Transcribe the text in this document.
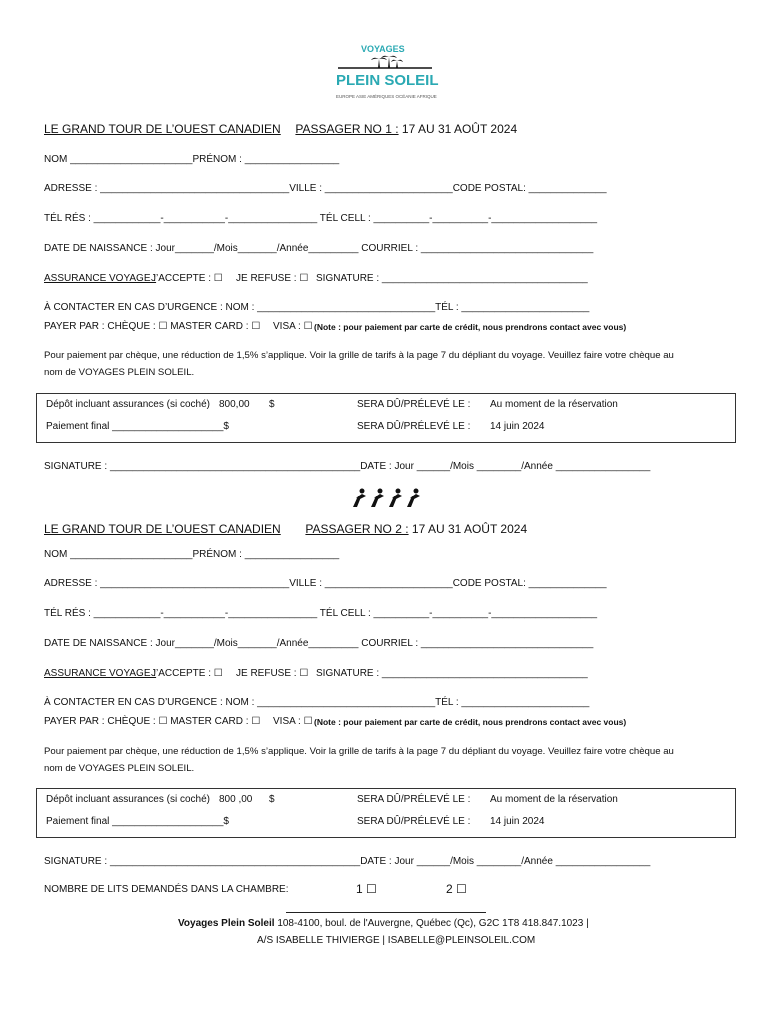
VOYAGES
PLEIN SOLEIL
EUROPE ASIE AMÉRIQUES OCÉANIE AFRIQUE
LE GRAND TOUR DE L’OUEST CANADIEN PASSAGER NO 1 : 17 AU 31 AOÛT 2024
NOM ______________________PRÉNOM : _________________
ADRESSE : __________________________________VILLE : _______________________CODE POSTAL: ______________
TÉL RÉS : ____________-___________-________________ TÉL CELL : __________-__________-___________________
DATE DE NAISSANCE : Jour_______/Mois_______/Année_________ COURRIEL : _______________________________
ASSURANCE VOYAGE :
J’ACCEPTE : ☐ JE REFUSE : ☐ SIGNATURE : _____________________________________
À CONTACTER EN CAS D’URGENCE : NOM : ________________________________TÉL : _______________________
PAYER PAR : CHÈQUE : ☐ MASTER CARD : ☐ VISA : ☐ (Note : pour paiement par carte de crédit, nous prendrons contact avec vous)
Pour paiement par chèque, une réduction de 1,5% s’applique. Voir la grille de tarifs à la page 7 du dépliant du voyage. Veuillez faire votre chèque au
nom de VOYAGES PLEIN SOLEIL.
Dépôt incluant assurances (si coché) 800,00 $	SERA DÛ/PRÉLEVÉ LE : Au moment de la réservation
Paiement final ____________________$	SERA DÛ/PRÉLEVÉ LE : 14 juin 2024
SIGNATURE : _____________________________________________DATE : Jour ______/Mois ________/Année _________________
LE GRAND TOUR DE L’OUEST CANADIEN PASSAGER NO 2 : 17 AU 31 AOÛT 2024
NOM ______________________PRÉNOM : _________________
ADRESSE : __________________________________VILLE : _______________________CODE POSTAL: ______________
TÉL RÉS : ____________-___________-________________ TÉL CELL : __________-__________-___________________
DATE DE NAISSANCE : Jour_______/Mois_______/Année_________ COURRIEL : _______________________________
ASSURANCE VOYAGE :
J’ACCEPTE : ☐ JE REFUSE : ☐ SIGNATURE : _____________________________________
À CONTACTER EN CAS D’URGENCE : NOM : ________________________________TÉL : _______________________
PAYER PAR : CHÈQUE : ☐ MASTER CARD : ☐ VISA : ☐ (Note : pour paiement par carte de crédit, nous prendrons contact avec vous)
Pour paiement par chèque, une réduction de 1,5% s’applique. Voir la grille de tarifs à la page 7 du dépliant du voyage. Veuillez faire votre chèque au
nom de VOYAGES PLEIN SOLEIL.
Dépôt incluant assurances (si coché) 800 ,00 $	SERA DÛ/PRÉLEVÉ LE : Au moment de la réservation
Paiement final ____________________$	SERA DÛ/PRÉLEVÉ LE : 14 juin 2024
SIGNATURE : _____________________________________________DATE : Jour ______/Mois ________/Année _________________
NOMBRE DE LITS DEMANDÉS DANS LA CHAMBRE:	1 ☐	2 ☐
Voyages Plein Soleil 108-4100, boul. de l'Auvergne, Québec (Qc), G2C 1T8 418.847.1023 |
A/S ISABELLE THIVIERGE | ISABELLE@PLEINSOLEIL.COM
